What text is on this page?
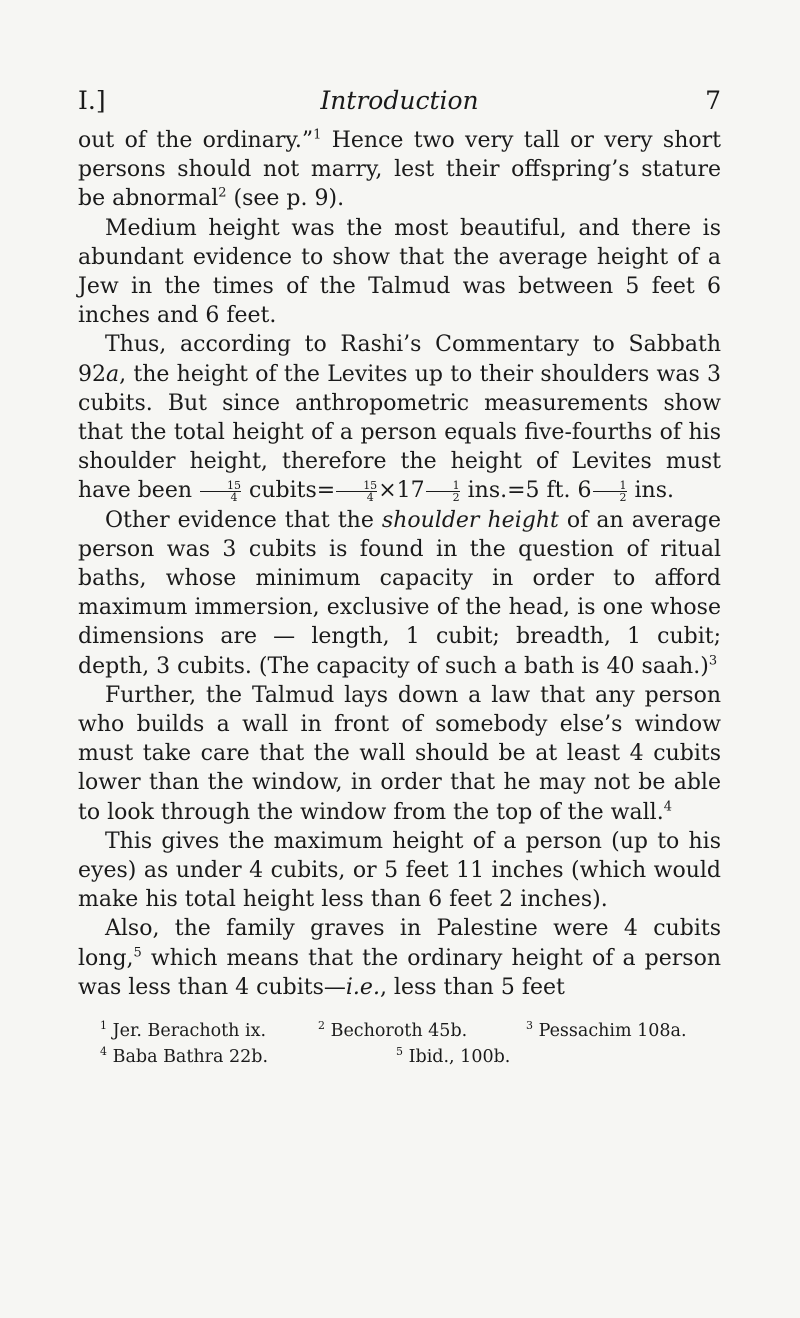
I.]	Introduction	7

out of the ordinary.”$^1$ Hence two very tall or very short persons should not marry, lest their offspring’s stature be abnormal$^2$ (see p. 9).

Medium height was the most beautiful, and there is abundant evidence to show that the average height of a Jew in the times of the Talmud was between 5 feet 6 inches and 6 feet.

Thus, according to Rashi’s Commentary to Sabbath 92a, the height of the Levites up to their shoulders was 3 cubits. But since anthropometric measurements show that the total height of a person equals five-fourths of his shoulder height, therefore the height of Levites must have been $\frac{15}{4}$ cubits= $\frac{15}{4} \times 17 \frac{1}{2} ins.=5$ ft. $6 \frac{1}{2}$ ins.

Other evidence that the shoulder height of an average person was 3 cubits is found in the question of ritual baths, whose minimum capacity in order to afford maximum immersion, exclusive of the head, is one whose dimensions are — length, 1 cubit; breadth, 1 cubit; depth, 3 cubits. (The capacity of such a bath is 40 saah.)$^3$

Further, the Talmud lays down a law that any person who builds a wall in front of somebody else’s window must take care that the wall should be at least 4 cubits lower than the window, in order that he may not be able to look through the window from the top of the wall.$^4$

This gives the maximum height of a person (up to his eyes) as under 4 cubits, or 5 feet 11 inches (which would make his total height less than 6 feet 2 inches).

Also, the family graves in Palestine were 4 cubits long,$^5$ which means that the ordinary height of a person was less than 4 cubits—i.e., less than 5 feet

$^1$ Jer. Berachoth ix.	$^2$ Bechoroth 45b.	$^3$ Pessachim 108a.
$^4$ Baba Bathra 22b.	$^5$ Ibid., 100b.
